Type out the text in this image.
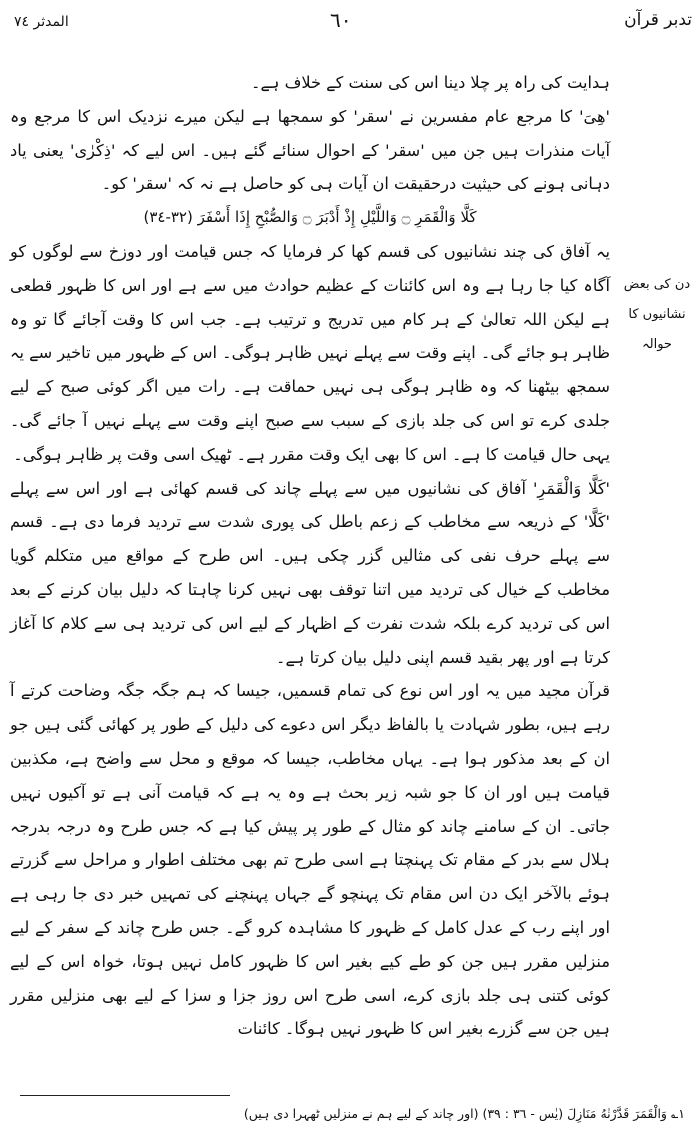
تدبر قرآن
٦٠
المدثر ٧٤
دن کی بعض نشانیوں کا حوالہ

ہدایت کی راہ پر چلا دینا اس کی سنت کے خلاف ہے۔

'ھِیَ' کا مرجع عام مفسرین نے 'سقر' کو سمجھا ہے لیکن میرے نزدیک اس کا مرجع وہ آیات منذرات ہیں جن میں 'سقر' کے احوال سنائے گئے ہیں۔ اس لیے کہ 'ذِکْرٰی' یعنی یاد دہانی ہونے کی حیثیت درحقیقت ان آیات ہی کو حاصل ہے نہ کہ 'سقر' کو۔

كَلَّا وَالْقَمَرِ ۝ وَاللَّيْلِ إِذْ أَدْبَرَ ۝ وَالصُّبْحِ إِذَا أَسْفَرَ (٣٢-٣٤)

یہ آفاق کی چند نشانیوں کی قسم کھا کر فرمایا کہ جس قیامت اور دوزخ سے لوگوں کو آگاہ کیا جا رہا ہے وہ اس کائنات کے عظیم حوادث میں سے ہے اور اس کا ظہور قطعی ہے لیکن اللہ تعالیٰ کے ہر کام میں تدریج و ترتیب ہے۔ جب اس کا وقت آجائے گا تو وہ ظاہر ہو جائے گی۔ اپنے وقت سے پہلے نہیں ظاہر ہوگی۔ اس کے ظہور میں تاخیر سے یہ سمجھ بیٹھنا کہ وہ ظاہر ہوگی ہی نہیں حماقت ہے۔ رات میں اگر کوئی صبح کے لیے جلدی کرے تو اس کی جلد بازی کے سبب سے صبح اپنے وقت سے پہلے نہیں آ جائے گی۔ یہی حال قیامت کا ہے۔ اس کا بھی ایک وقت مقرر ہے۔ ٹھیک اسی وقت پر ظاہر ہوگی۔

'کَلَّا وَالْقَمَرِ' آفاق کی نشانیوں میں سے پہلے چاند کی قسم کھائی ہے اور اس سے پہلے 'کَلَّا' کے ذریعہ سے مخاطب کے زعم باطل کی پوری شدت سے تردید فرما دی ہے۔ قسم سے پہلے حرف نفی کی مثالیں گزر چکی ہیں۔ اس طرح کے مواقع میں متکلم گویا مخاطب کے خیال کی تردید میں اتنا توقف بھی نہیں کرنا چاہتا کہ دلیل بیان کرنے کے بعد اس کی تردید کرے بلکہ شدت نفرت کے اظہار کے لیے اس کی تردید ہی سے کلام کا آغاز کرتا ہے اور پھر بقید قسم اپنی دلیل بیان کرتا ہے۔

قرآن مجید میں یہ اور اس نوع کی تمام قسمیں، جیسا کہ ہم جگہ جگہ وضاحت کرتے آ رہے ہیں، بطور شہادت یا بالفاظ دیگر اس دعوے کی دلیل کے طور پر کھائی گئی ہیں جو ان کے بعد مذکور ہوا ہے۔ یہاں مخاطب، جیسا کہ موقع و محل سے واضح ہے، مکذبین قیامت ہیں اور ان کا جو شبہ زیر بحث ہے وہ یہ ہے کہ قیامت آنی ہے تو آکیوں نہیں جاتی۔ ان کے سامنے چاند کو مثال کے طور پر پیش کیا ہے کہ جس طرح وہ درجہ بدرجہ ہلال سے بدر کے مقام تک پہنچتا ہے اسی طرح تم بھی مختلف اطوار و مراحل سے گزرتے ہوئے بالآخر ایک دن اس مقام تک پہنچو گے جہاں پہنچنے کی تمہیں خبر دی جا رہی ہے اور اپنے رب کے عدل کامل کے ظہور کا مشاہدہ کرو گے۔ جس طرح چاند کے سفر کے لیے منزلیں مقرر ہیں جن کو طے کیے بغیر اس کا ظہور کامل نہیں ہوتا، خواہ اس کے لیے کوئی کتنی ہی جلد بازی کرے، اسی طرح اس روز جزا و سزا کے لیے بھی منزلیں مقرر ہیں جن سے گزرے بغیر اس کا ظہور نہیں ہوگا۔ کائنات

١؎ وَالْقَمَرَ قَدَّرْنٰهُ مَنَازِلَ (یٰس - ٣٦ : ٣٩) (اور چاند کے لیے ہم نے منزلیں ٹھہرا دی ہیں)
